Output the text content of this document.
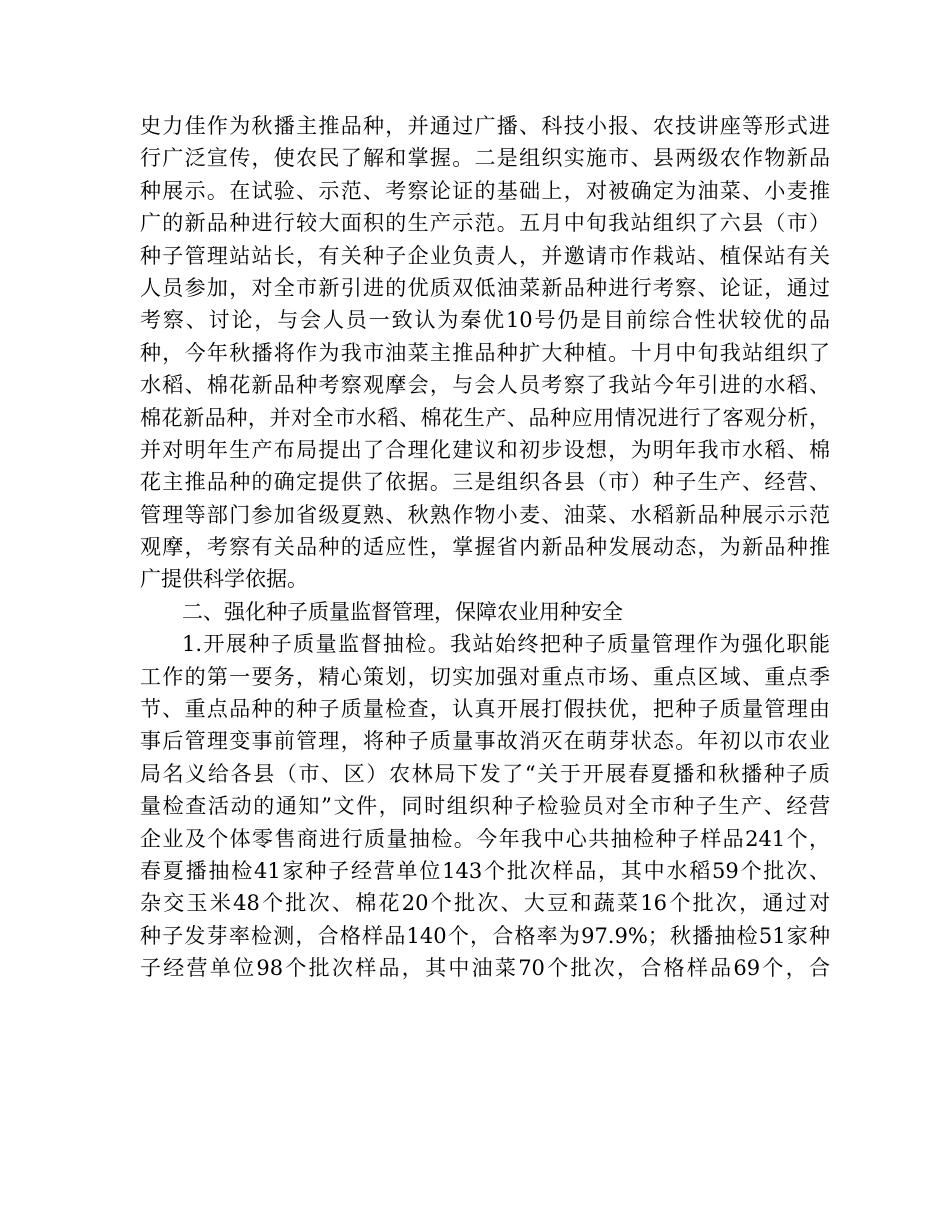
史力佳作为秋播主推品种，并通过广播、科技小报、农技讲座等形式进
行广泛宣传，使农民了解和掌握。二是组织实施市、县两级农作物新品
种展示。在试验、示范、考察论证的基础上，对被确定为油菜、小麦推
广的新品种进行较大面积的生产示范。五月中旬我站组织了六县（市）
种子管理站站长，有关种子企业负责人，并邀请市作栽站、植保站有关
人员参加，对全市新引进的优质双低油菜新品种进行考察、论证，通过
考察、讨论，与会人员一致认为秦优10号仍是目前综合性状较优的品
种，今年秋播将作为我市油菜主推品种扩大种植。十月中旬我站组织了
水稻、棉花新品种考察观摩会，与会人员考察了我站今年引进的水稻、
棉花新品种，并对全市水稻、棉花生产、品种应用情况进行了客观分析，
并对明年生产布局提出了合理化建议和初步设想，为明年我市水稻、棉
花主推品种的确定提供了依据。三是组织各县（市）种子生产、经营、
管理等部门参加省级夏熟、秋熟作物小麦、油菜、水稻新品种展示示范
观摩，考察有关品种的适应性，掌握省内新品种发展动态，为新品种推
广提供科学依据。
二、强化种子质量监督管理，保障农业用种安全
1.开展种子质量监督抽检。我站始终把种子质量管理作为强化职能
工作的第一要务，精心策划，切实加强对重点市场、重点区域、重点季
节、重点品种的种子质量检查，认真开展打假扶优，把种子质量管理由
事后管理变事前管理，将种子质量事故消灭在萌芽状态。年初以市农业
局名义给各县（市、区）农林局下发了“关于开展春夏播和秋播种子质
量检查活动的通知”文件，同时组织种子检验员对全市种子生产、经营
企业及个体零售商进行质量抽检。今年我中心共抽检种子样品241个，
春夏播抽检41家种子经营单位143个批次样品，其中水稻59个批次、
杂交玉米48个批次、棉花20个批次、大豆和蔬菜16个批次，通过对
种子发芽率检测，合格样品140个，合格率为97.9%；秋播抽检51家种
子经营单位98个批次样品，其中油菜70个批次，合格样品69个，合
